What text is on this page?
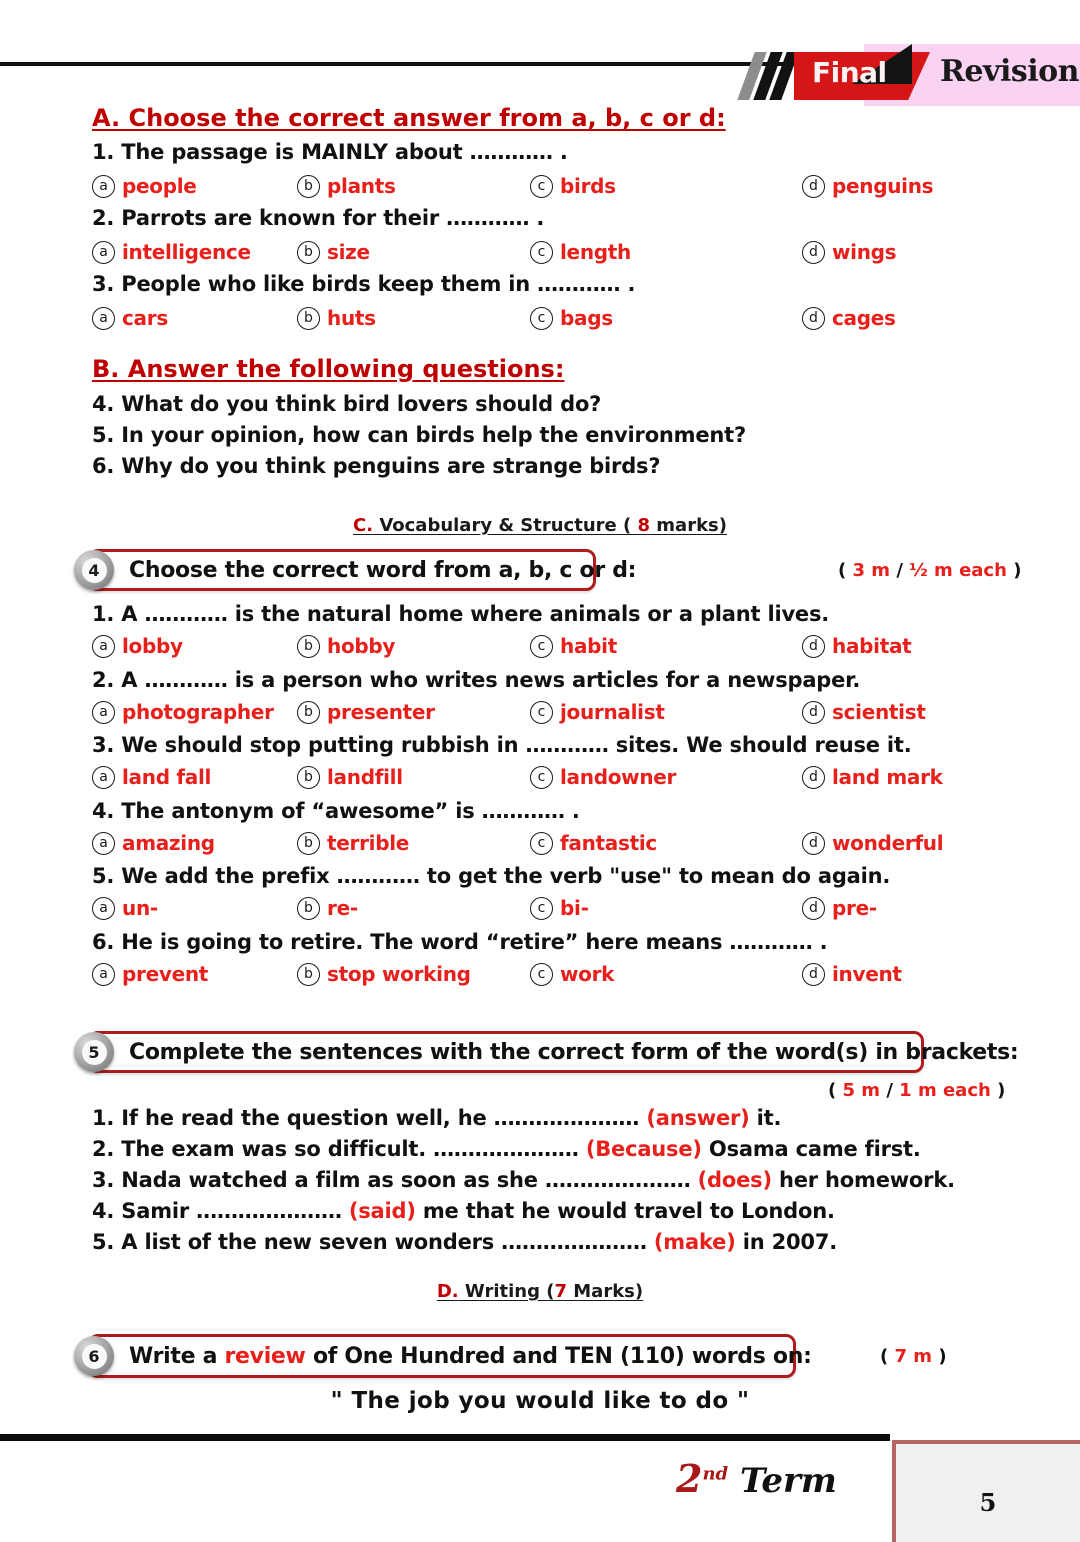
Final Revision
A. Choose the correct answer from a, b, c or d:
1. The passage is MAINLY about ………… .
a people	b plants	c birds	d penguins
2. Parrots are known for their ………… .
a intelligence	b size	c length	d wings
3. People who like birds keep them in ………… .
a cars	b huts	c bags	d cages
B. Answer the following questions:
4. What do you think bird lovers should do?
5. In your opinion, how can birds help the environment?
6. Why do you think penguins are strange birds?
C. Vocabulary & Structure ( 8 marks)
4	Choose the correct word from a, b, c or d:	( 3 m / ½ m each )
1. A ………… is the natural home where animals or a plant lives.
a lobby	b hobby	c habit	d habitat
2. A ………… is a person who writes news articles for a newspaper.
a photographer	b presenter	c journalist	d scientist
3. We should stop putting rubbish in ………… sites. We should reuse it.
a land fall	b landfill	c landowner	d land mark
4. The antonym of “awesome” is ………… .
a amazing	b terrible	c fantastic	d wonderful
5. We add the prefix ………… to get the verb "use" to mean do again.
a un-	b re-	c bi-	d pre-
6. He is going to retire. The word “retire” here means ………… .
a prevent	b stop working	c work	d invent
5	Complete the sentences with the correct form of the word(s) in brackets:
( 5 m / 1 m each )
1. If he read the question well, he ………………… (answer) it.
2. The exam was so difficult. ………………… (Because) Osama came first.
3. Nada watched a film as soon as she ………………… (does) her homework.
4. Samir ………………… (said) me that he would travel to London.
5. A list of the new seven wonders ………………… (make) in 2007.
D. Writing (7 Marks)
6	Write a review of One Hundred and TEN (110) words on:	( 7 m )
" The job you would like to do "
2nd Term
5
